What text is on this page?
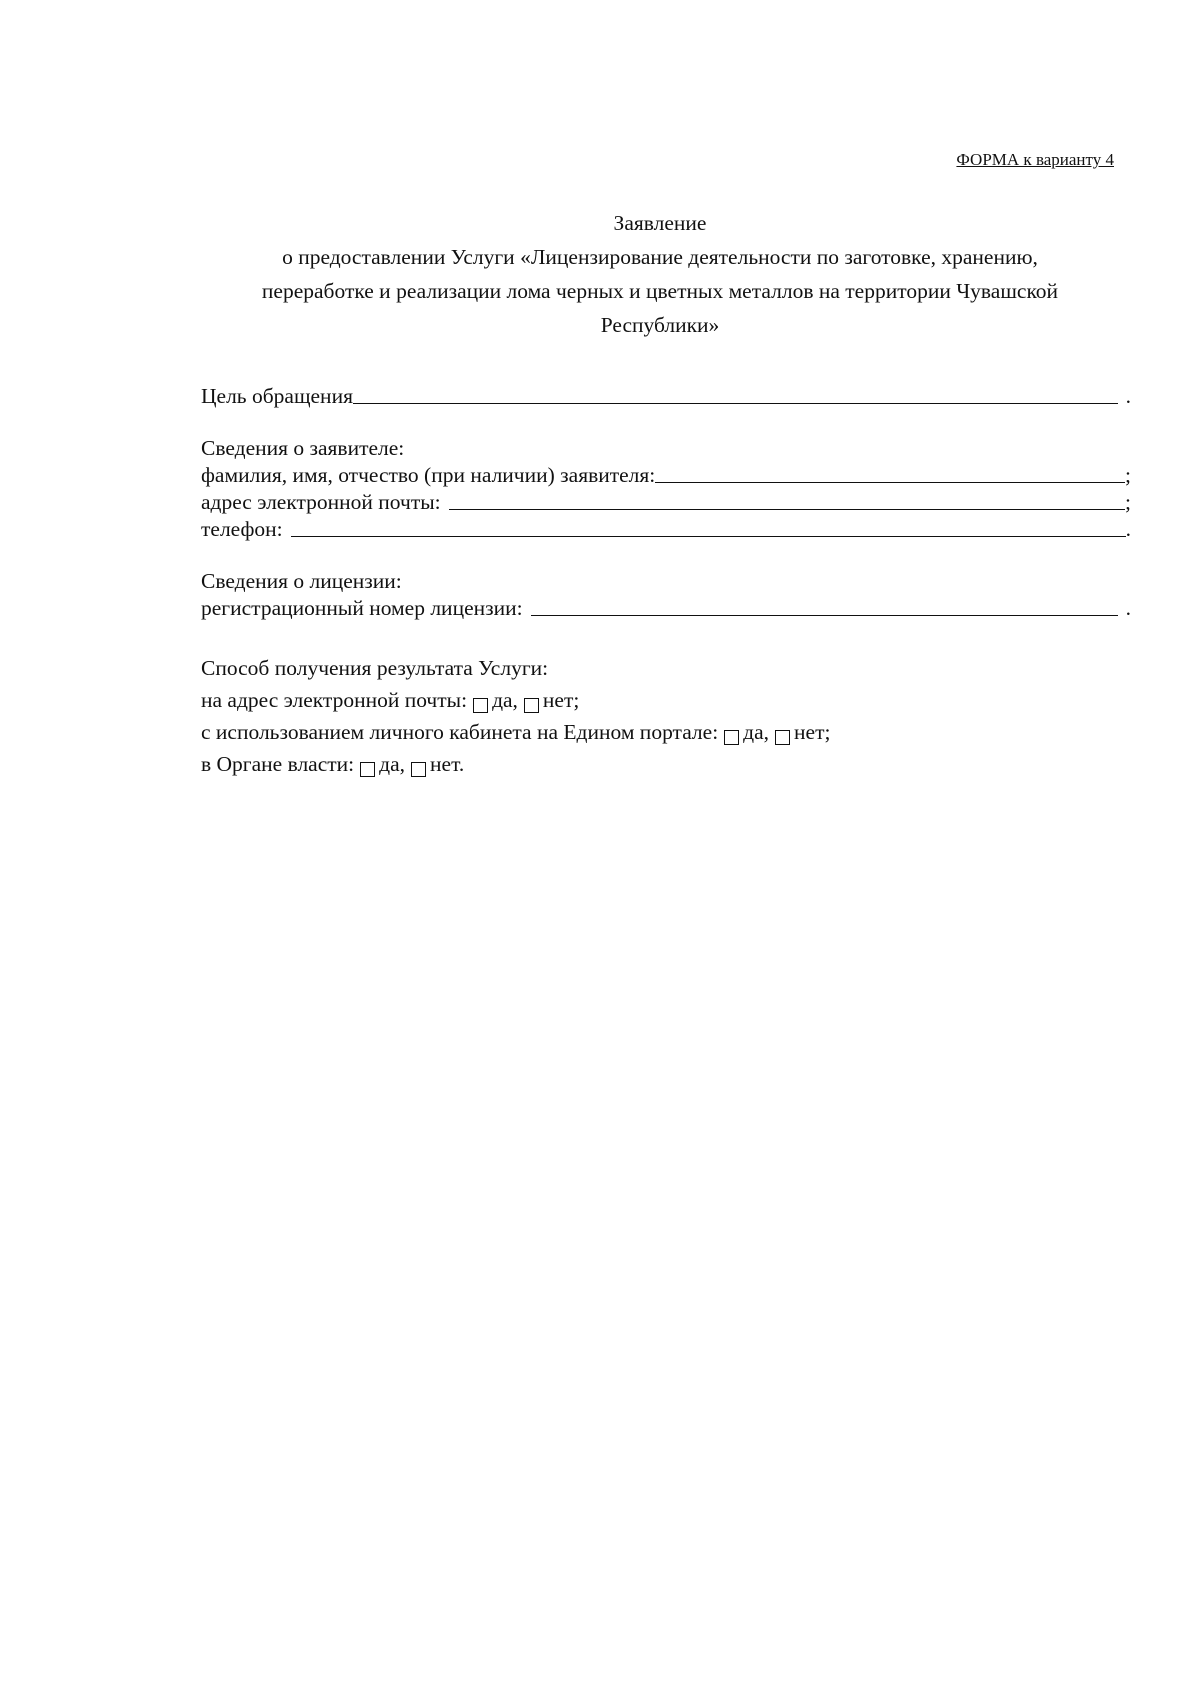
ФОРМА к варианту 4
Заявление
о предоставлении Услуги «Лицензирование деятельности по заготовке, хранению,
переработке и реализации лома черных и цветных металлов на территории Чувашской
Республики»
Цель обращения	.
Сведения о заявителе:
фамилия, имя, отчество (при наличии) заявителя:	;
адрес электронной почты:	;
телефон:	.
Сведения о лицензии:
регистрационный номер лицензии:	.
Способ получения результата Услуги:
на адрес электронной почты: да, нет;
с использованием личного кабинета на Едином портале: да, нет;
в Органе власти: да, нет.
